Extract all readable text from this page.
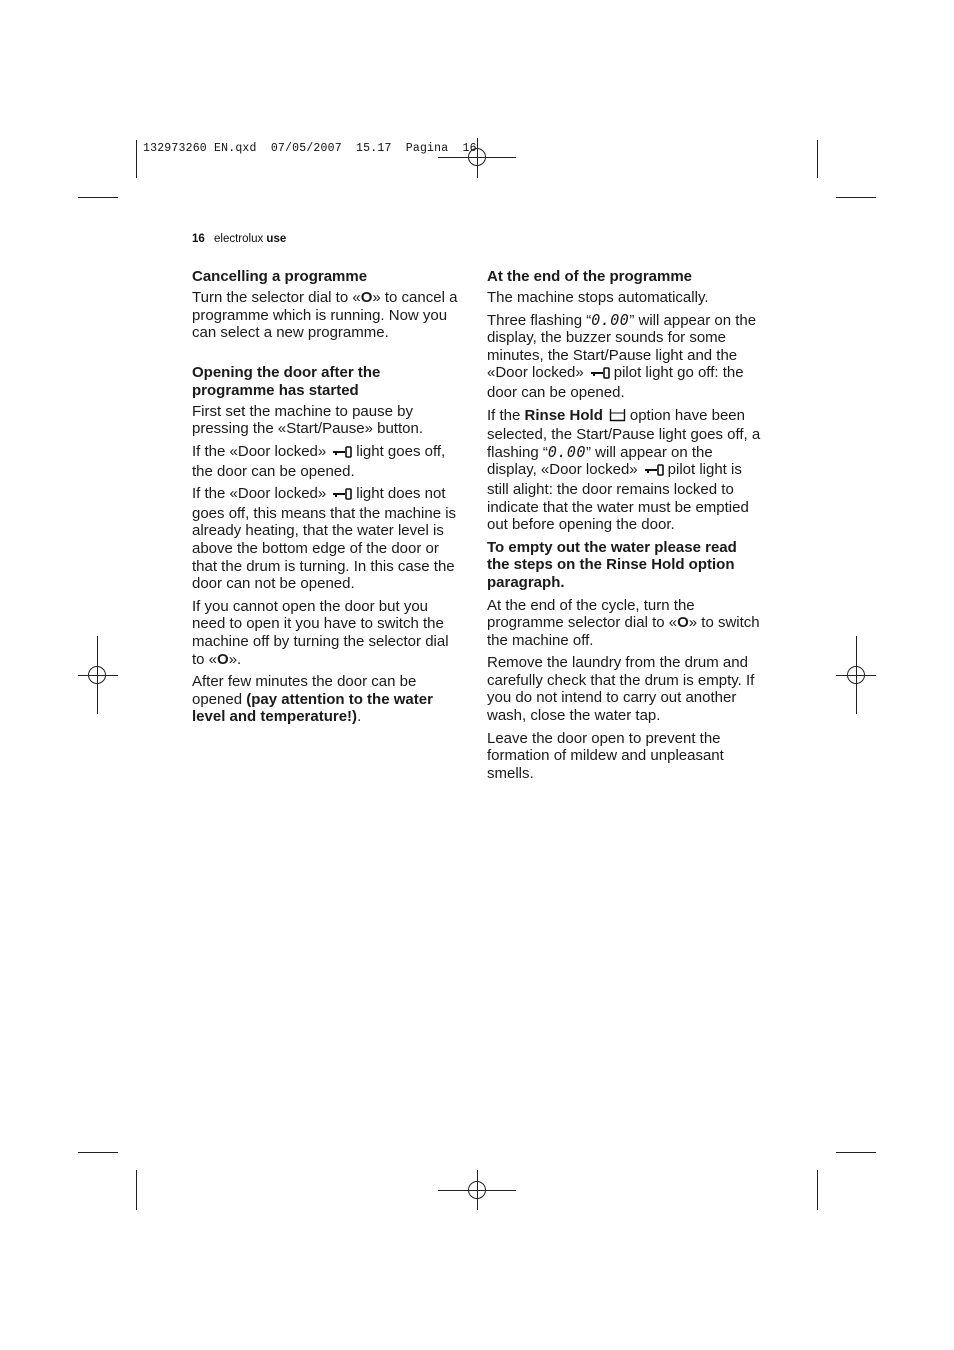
132973260 EN.qxd  07/05/2007  15.17  Pagina  16
16 electrolux use
Cancelling a programme

Turn the selector dial to «O» to cancel a programme which is running. Now you can select a new programme.

Opening the door after the programme has started

First set the machine to pause by pressing the «Start/Pause» button.

If the «Door locked» light goes off, the door can be opened.

If the «Door locked» light does not goes off, this means that the machine is already heating, that the water level is above the bottom edge of the door or that the drum is turning. In this case the door can not be opened.

If you cannot open the door but you need to open it you have to switch the machine off by turning the selector dial to «O».

After few minutes the door can be opened (pay attention to the water level and temperature!).

At the end of the programme

The machine stops automatically.

Three flashing “0.00” will appear on the display, the buzzer sounds for some minutes, the Start/Pause light and the «Door locked» pilot light go off: the door can be opened.

If the Rinse Hold option have been selected, the Start/Pause light goes off, a flashing “0.00” will appear on the display, «Door locked» pilot light is still alight: the door remains locked to indicate that the water must be emptied out before opening the door.

To empty out the water please read the steps on the Rinse Hold option paragraph.

At the end of the cycle, turn the programme selector dial to «O» to switch the machine off.

Remove the laundry from the drum and carefully check that the drum is empty. If you do not intend to carry out another wash, close the water tap.

Leave the door open to prevent the formation of mildew and unpleasant smells.
